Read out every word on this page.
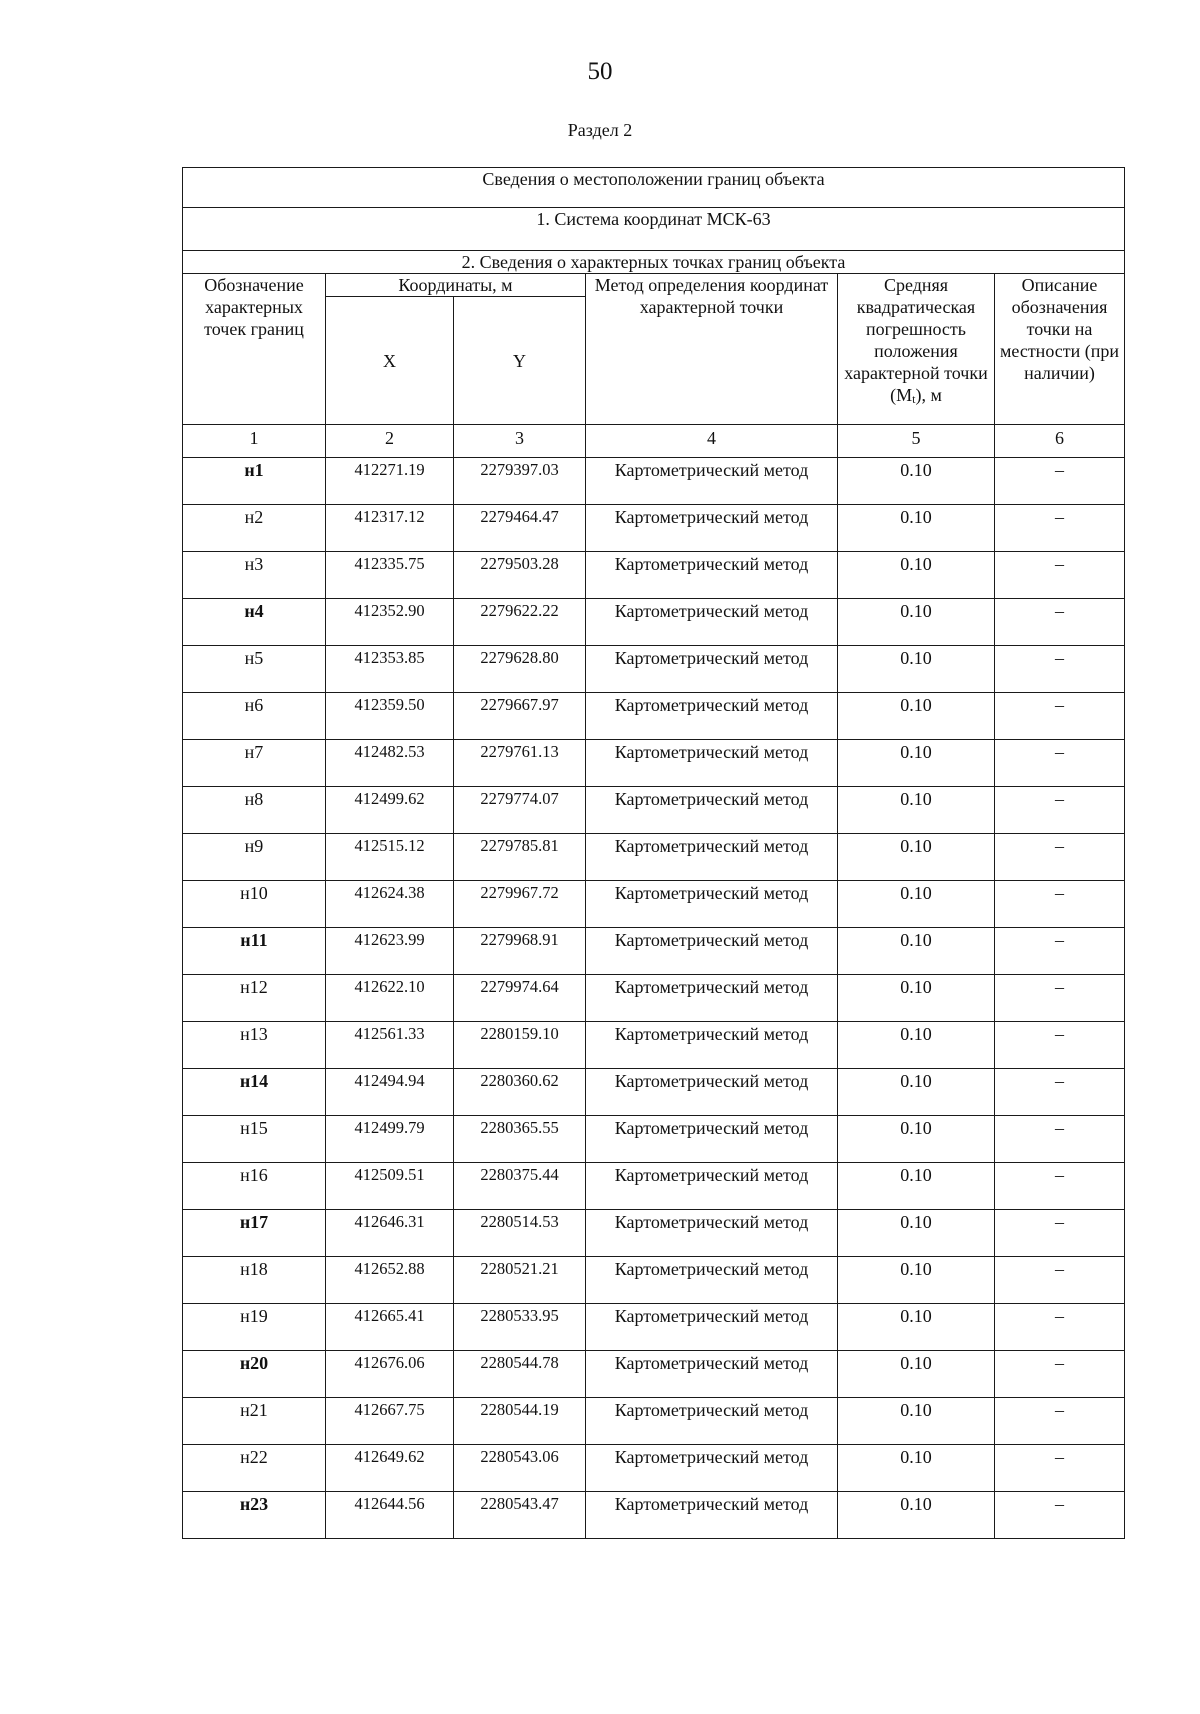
50
Раздел 2
Сведения о местоположении границ объекта					
1. Система координат МСК-63					
2. Сведения о характерных точках границ объекта					
Обозначение характерных точек границ	Координаты, м		Метод определения координат характерной точки	Средняя квадратическая погрешность положения характерной точки (Mt), м	Описание обозначения точки на местности (при наличии)
	X	Y			
1	2	3	4	5	6
н1	412271.19	2279397.03	Картометрический метод	0.10	–
н2	412317.12	2279464.47	Картометрический метод	0.10	–
н3	412335.75	2279503.28	Картометрический метод	0.10	–
н4	412352.90	2279622.22	Картометрический метод	0.10	–
н5	412353.85	2279628.80	Картометрический метод	0.10	–
н6	412359.50	2279667.97	Картометрический метод	0.10	–
н7	412482.53	2279761.13	Картометрический метод	0.10	–
н8	412499.62	2279774.07	Картометрический метод	0.10	–
н9	412515.12	2279785.81	Картометрический метод	0.10	–
н10	412624.38	2279967.72	Картометрический метод	0.10	–
н11	412623.99	2279968.91	Картометрический метод	0.10	–
н12	412622.10	2279974.64	Картометрический метод	0.10	–
н13	412561.33	2280159.10	Картометрический метод	0.10	–
н14	412494.94	2280360.62	Картометрический метод	0.10	–
н15	412499.79	2280365.55	Картометрический метод	0.10	–
н16	412509.51	2280375.44	Картометрический метод	0.10	–
н17	412646.31	2280514.53	Картометрический метод	0.10	–
н18	412652.88	2280521.21	Картометрический метод	0.10	–
н19	412665.41	2280533.95	Картометрический метод	0.10	–
н20	412676.06	2280544.78	Картометрический метод	0.10	–
н21	412667.75	2280544.19	Картометрический метод	0.10	–
н22	412649.62	2280543.06	Картометрический метод	0.10	–
н23	412644.56	2280543.47	Картометрический метод	0.10	–
